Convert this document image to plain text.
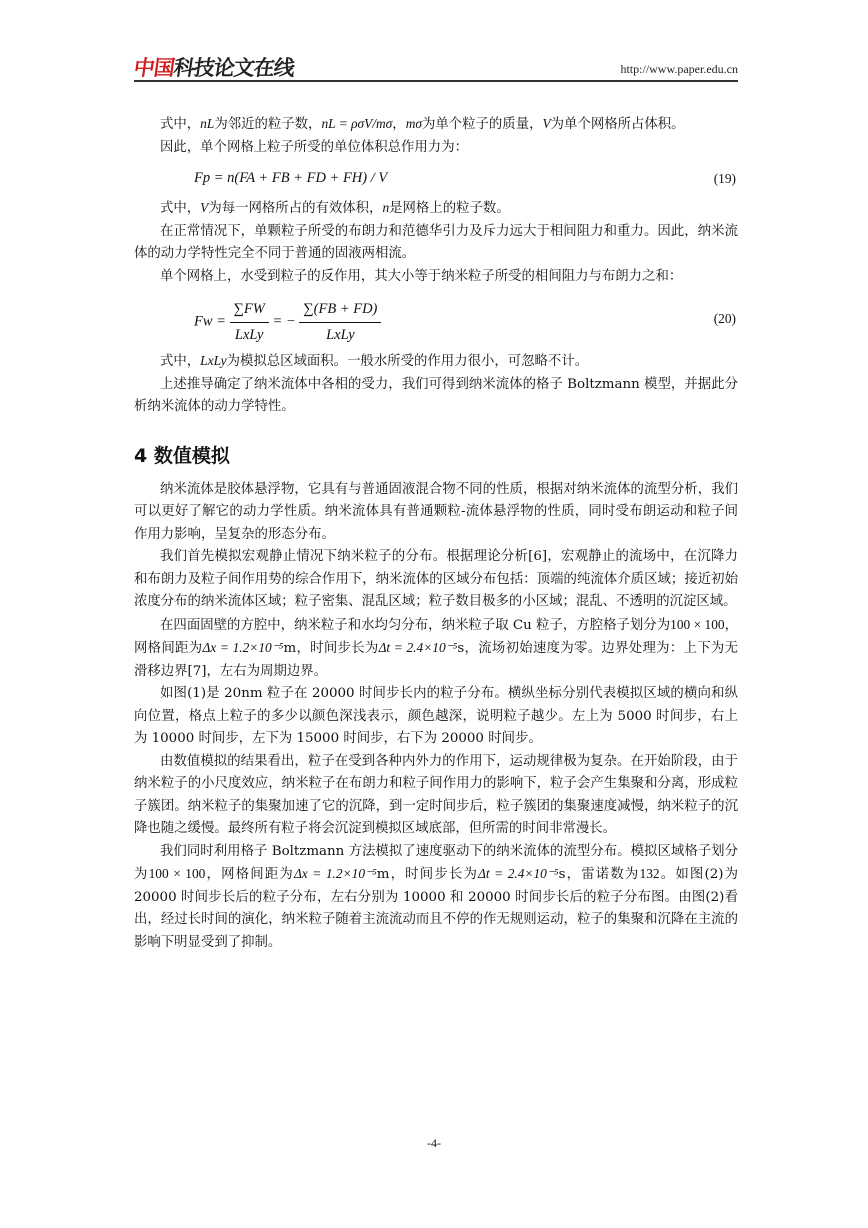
中国科技论文在线	http://www.paper.edu.cn

式中，nL为邻近的粒子数，nL = ρσV/mσ，mσ为单个粒子的质量，V为单个网格所占体积。

因此，单个网格上粒子所受的单位体积总作用力为：

Fp = n(FA + FB + FD + FH) / V	(19)

式中，V为每一网格所占的有效体积，n是网格上的粒子数。

在正常情况下，单颗粒子所受的布朗力和范德华引力及斥力远大于相间阻力和重力。因此，纳米流体的动力学特性完全不同于普通的固液两相流。

单个网格上，水受到粒子的反作用，其大小等于纳米粒子所受的相间阻力与布朗力之和：

$Fw = \frac{\sum FW}{\text{LxLy}}$ = − $\frac{\sum(FB + FD)}{\text{LxLy}}$	(20)

式中，LxLy为模拟总区域面积。一般水所受的作用力很小，可忽略不计。

上述推导确定了纳米流体中各相的受力，我们可得到纳米流体的格子 Boltzmann 模型，并据此分析纳米流体的动力学特性。

4 数值模拟

纳米流体是胶体悬浮物，它具有与普通固液混合物不同的性质，根据对纳米流体的流型分析，我们可以更好了解它的动力学性质。纳米流体具有普通颗粒-流体悬浮物的性质，同时受布朗运动和粒子间作用力影响，呈复杂的形态分布。

我们首先模拟宏观静止情况下纳米粒子的分布。根据理论分析[6]，宏观静止的流场中，在沉降力和布朗力及粒子间作用势的综合作用下，纳米流体的区域分布包括：顶端的纯流体介质区域；接近初始浓度分布的纳米流体区域；粒子密集、混乱区域；粒子数目极多的小区域；混乱、不透明的沉淀区域。

在四面固壁的方腔中，纳米粒子和水均匀分布，纳米粒子取 Cu 粒子，方腔格子划分为100 × 100，网格间距为Δx = 1.2×10⁻⁵m，时间步长为Δt = 2.4×10⁻⁵s，流场初始速度为零。边界处理为：上下为无滑移边界[7]，左右为周期边界。

如图(1)是 20nm 粒子在 20000 时间步长内的粒子分布。横纵坐标分别代表模拟区域的横向和纵向位置，格点上粒子的多少以颜色深浅表示，颜色越深，说明粒子越少。左上为 5000 时间步，右上为 10000 时间步，左下为 15000 时间步，右下为 20000 时间步。

由数值模拟的结果看出，粒子在受到各种内外力的作用下，运动规律极为复杂。在开始阶段，由于纳米粒子的小尺度效应，纳米粒子在布朗力和粒子间作用力的影响下，粒子会产生集聚和分离，形成粒子簇团。纳米粒子的集聚加速了它的沉降，到一定时间步后，粒子簇团的集聚速度减慢，纳米粒子的沉降也随之缓慢。最终所有粒子将会沉淀到模拟区域底部，但所需的时间非常漫长。

我们同时利用格子 Boltzmann 方法模拟了速度驱动下的纳米流体的流型分布。模拟区域格子划分为100 × 100，网格间距为Δx = 1.2×10⁻⁵m，时间步长为Δt = 2.4×10⁻⁵s，雷诺数为132。如图(2)为 20000 时间步长后的粒子分布，左右分别为 10000 和 20000 时间步长后的粒子分布图。由图(2)看出，经过长时间的演化，纳米粒子随着主流流动而且不停的作无规则运动，粒子的集聚和沉降在主流的影响下明显受到了抑制。

-4-
